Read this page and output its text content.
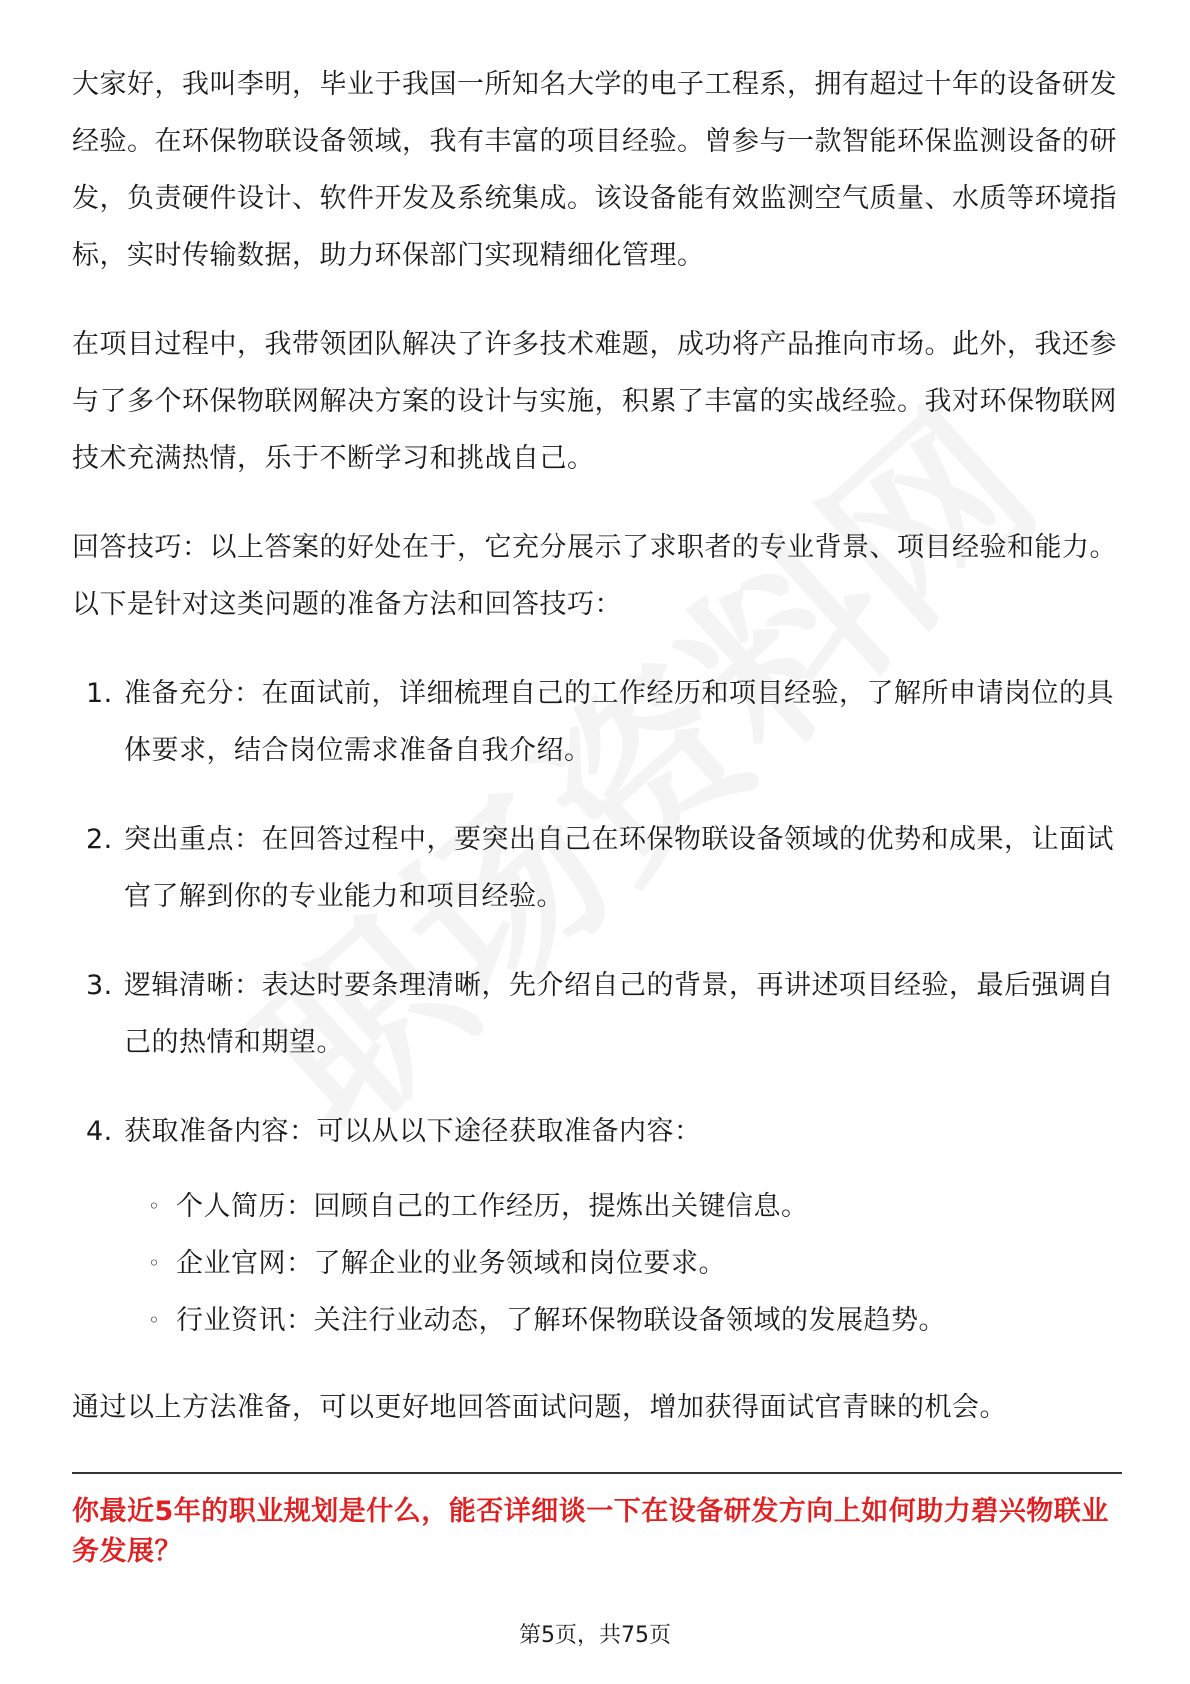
大家好，我叫李明，毕业于我国一所知名大学的电子工程系，拥有超过十年的设备研发经验。在环保物联设备领域，我有丰富的项目经验。曾参与一款智能环保监测设备的研发，负责硬件设计、软件开发及系统集成。该设备能有效监测空气质量、水质等环境指标，实时传输数据，助力环保部门实现精细化管理。

在项目过程中，我带领团队解决了许多技术难题，成功将产品推向市场。此外，我还参与了多个环保物联网解决方案的设计与实施，积累了丰富的实战经验。我对环保物联网技术充满热情，乐于不断学习和挑战自己。

回答技巧：以上答案的好处在于，它充分展示了求职者的专业背景、项目经验和能力。以下是针对这类问题的准备方法和回答技巧：

1. 准备充分：在面试前，详细梳理自己的工作经历和项目经验，了解所申请岗位的具体要求，结合岗位需求准备自我介绍。
2. 突出重点：在回答过程中，要突出自己在环保物联设备领域的优势和成果，让面试官了解到你的专业能力和项目经验。
3. 逻辑清晰：表达时要条理清晰，先介绍自己的背景，再讲述项目经验，最后强调自己的热情和期望。
4. 获取准备内容：可以从以下途径获取准备内容：
◦ 个人简历：回顾自己的工作经历，提炼出关键信息。
◦ 企业官网：了解企业的业务领域和岗位要求。
◦ 行业资讯：关注行业动态，了解环保物联设备领域的发展趋势。

通过以上方法准备，可以更好地回答面试问题，增加获得面试官青睐的机会。

你最近5年的职业规划是什么，能否详细谈一下在设备研发方向上如何助力碧兴物联业务发展？
第5页，共75页
